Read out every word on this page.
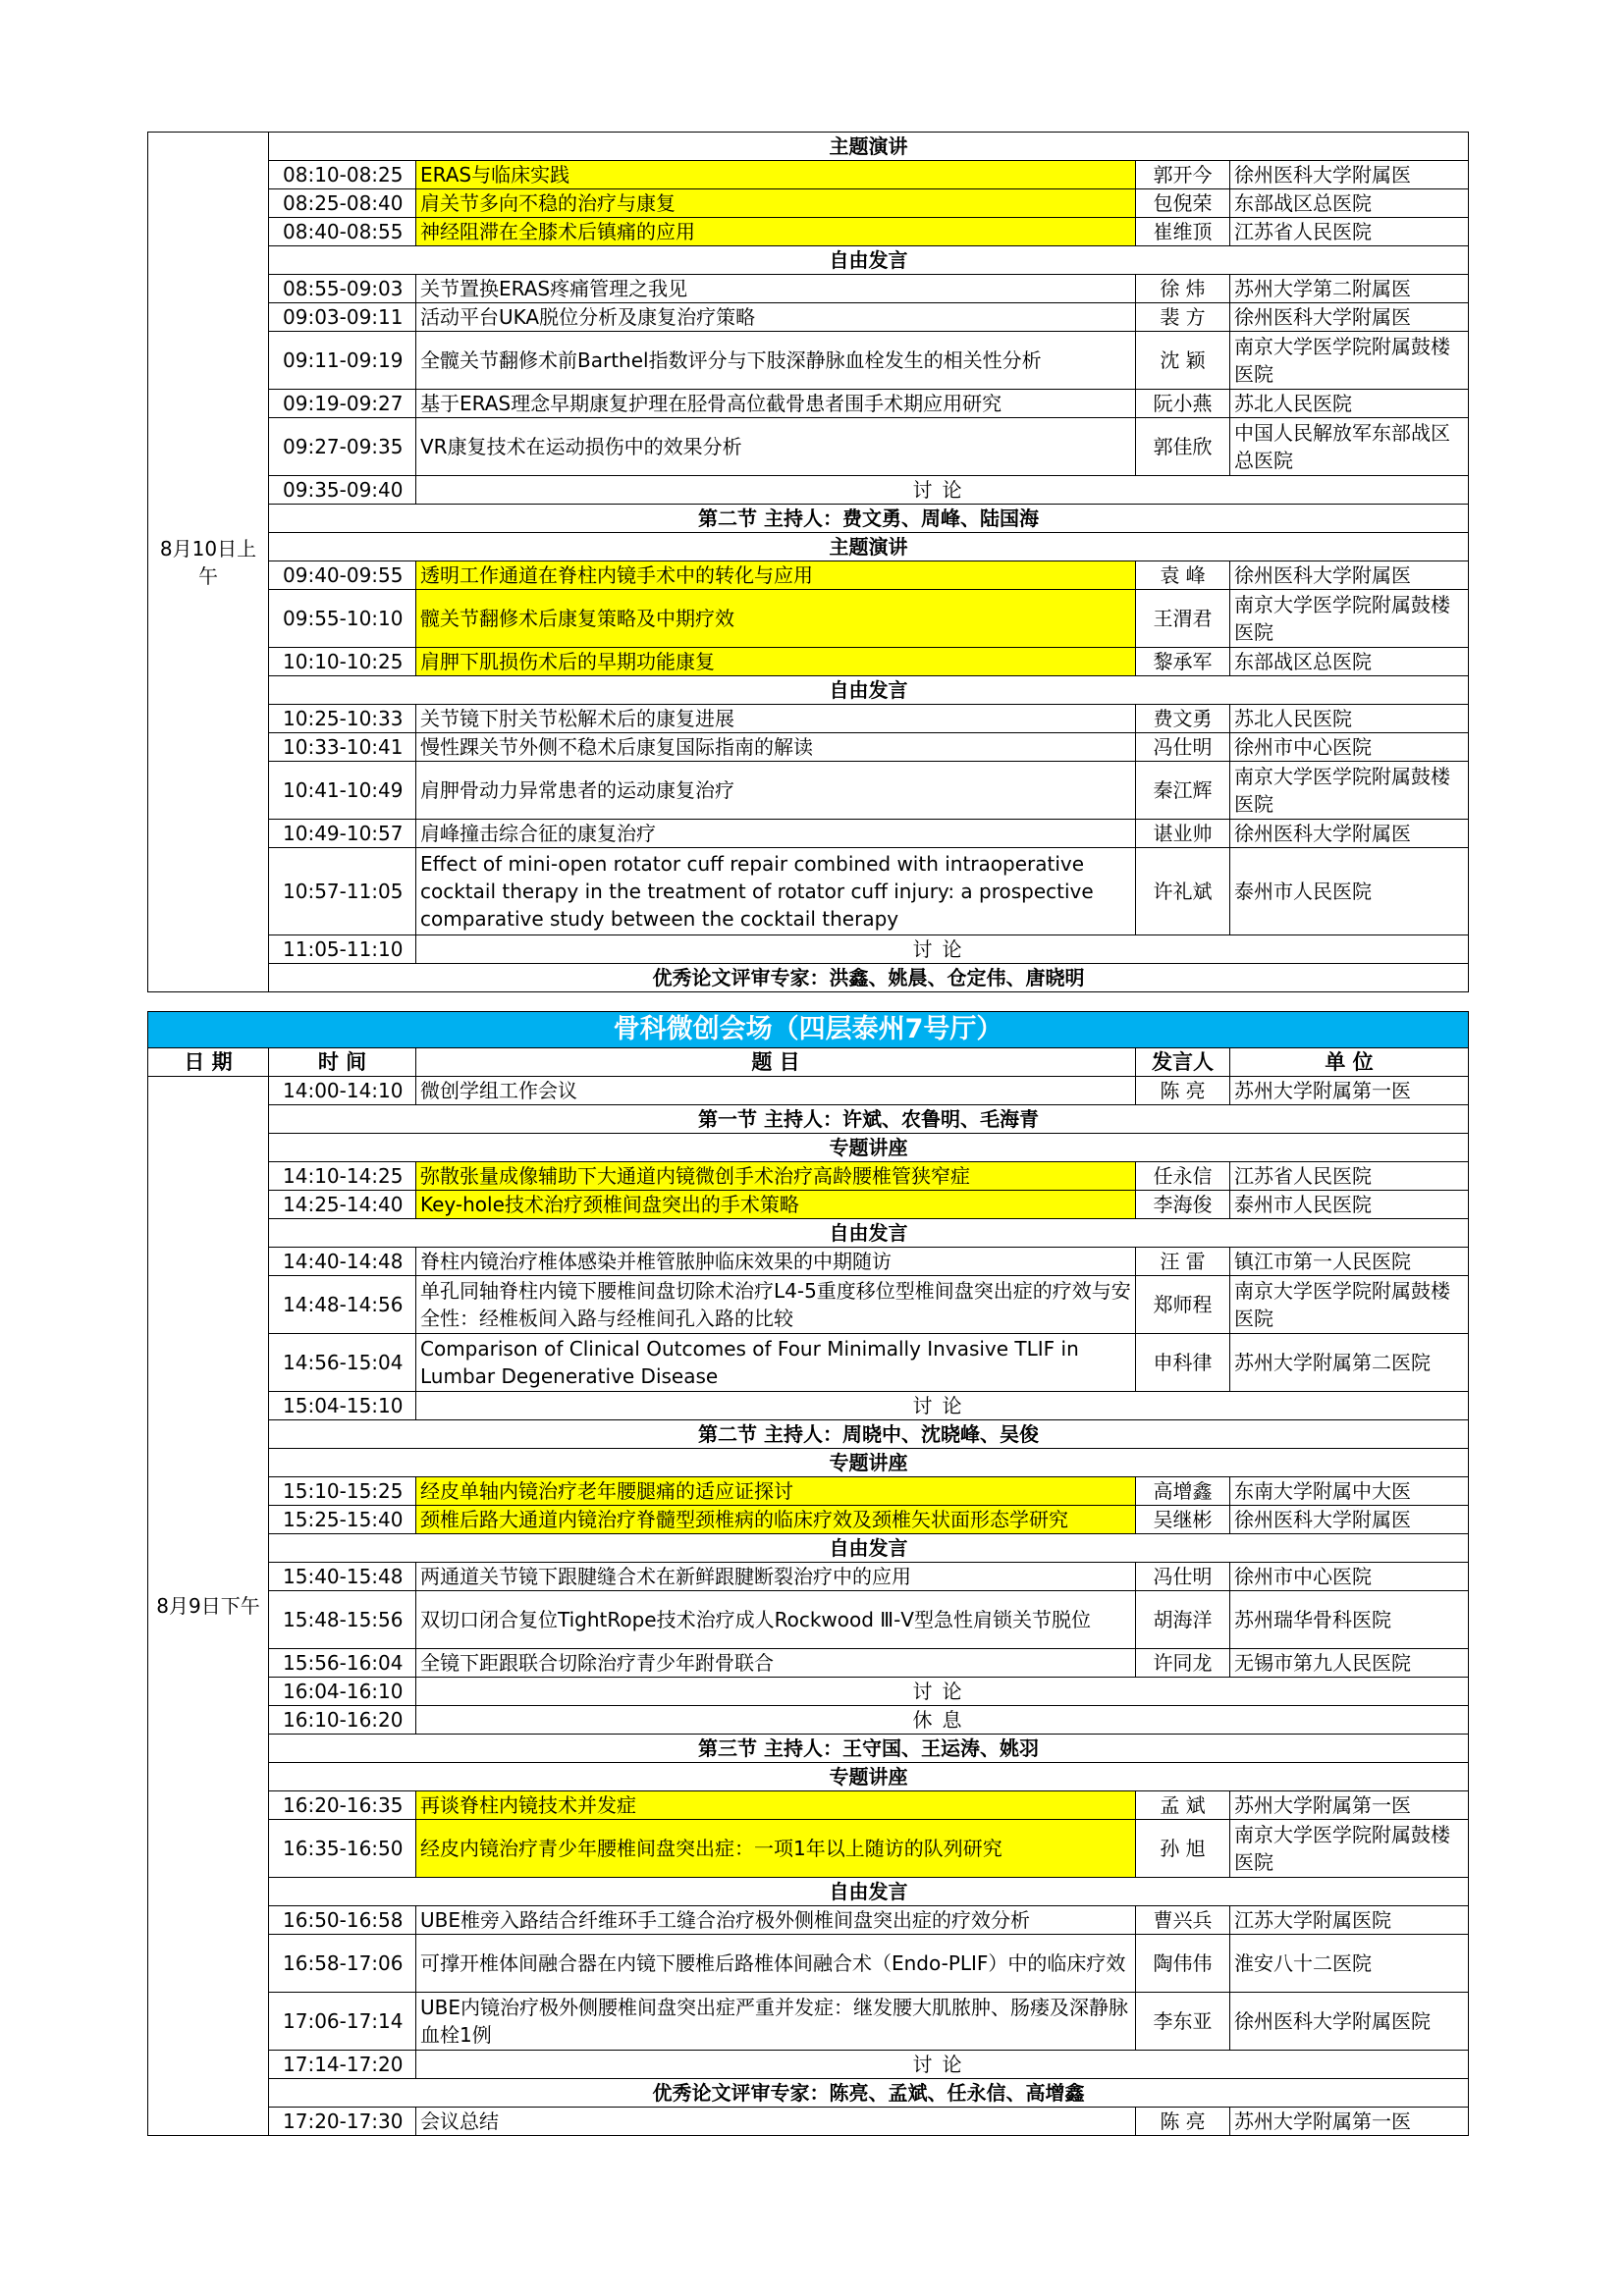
8月10日上午	主题演讲			
	08:10-08:25	ERAS与临床实践	郭开今	徐州医科大学附属医
	08:25-08:40	肩关节多向不稳的治疗与康复	包倪荣	东部战区总医院
	08:40-08:55	神经阻滞在全膝术后镇痛的应用	崔维顶	江苏省人民医院
	自由发言			
	08:55-09:03	关节置换ERAS疼痛管理之我见	徐 炜	苏州大学第二附属医
	09:03-09:11	活动平台UKA脱位分析及康复治疗策略	裴 方	徐州医科大学附属医
	09:11-09:19	全髋关节翻修术前Barthel指数评分与下肢深静脉血栓发生的相关性分析	沈 颖	南京大学医学院附属鼓楼医院
	09:19-09:27	基于ERAS理念早期康复护理在胫骨高位截骨患者围手术期应用研究	阮小燕	苏北人民医院
	09:27-09:35	VR康复技术在运动损伤中的效果分析	郭佳欣	中国人民解放军东部战区总医院
	09:35-09:40	讨论		
	第二节 主持人：费文勇、周峰、陆国海			
	主题演讲			
	09:40-09:55	透明工作通道在脊柱内镜手术中的转化与应用	袁 峰	徐州医科大学附属医
	09:55-10:10	髋关节翻修术后康复策略及中期疗效	王渭君	南京大学医学院附属鼓楼医院
	10:10-10:25	肩胛下肌损伤术后的早期功能康复	黎承军	东部战区总医院
	自由发言			
	10:25-10:33	关节镜下肘关节松解术后的康复进展	费文勇	苏北人民医院
	10:33-10:41	慢性踝关节外侧不稳术后康复国际指南的解读	冯仕明	徐州市中心医院
	10:41-10:49	肩胛骨动力异常患者的运动康复治疗	秦江辉	南京大学医学院附属鼓楼医院
	10:49-10:57	肩峰撞击综合征的康复治疗	谌业帅	徐州医科大学附属医
	10:57-11:05	Effect of mini-open rotator cuff repair combined with intraoperative cocktail therapy in the treatment of rotator cuff injury: a prospective comparative study between the cocktail therapy	许礼斌	泰州市人民医院
	11:05-11:10	讨论		
	优秀论文评审专家：洪鑫、姚晨、仓定伟、唐晓明			
骨科微创会场（四层泰州7号厅）				
日 期	时 间	题 目	发言人	单 位
8月9日下午	14:00-14:10	微创学组工作会议	陈 亮	苏州大学附属第一医
	第一节 主持人：许斌、农鲁明、毛海青			
	专题讲座			
	14:10-14:25	弥散张量成像辅助下大通道内镜微创手术治疗高龄腰椎管狭窄症	任永信	江苏省人民医院
	14:25-14:40	Key-hole技术治疗颈椎间盘突出的手术策略	李海俊	泰州市人民医院
	自由发言			
	14:40-14:48	脊柱内镜治疗椎体感染并椎管脓肿临床效果的中期随访	汪 雷	镇江市第一人民医院
	14:48-14:56	单孔同轴脊柱内镜下腰椎间盘切除术治疗L4-5重度移位型椎间盘突出症的疗效与安全性：经椎板间入路与经椎间孔入路的比较	郑师程	南京大学医学院附属鼓楼医院
	14:56-15:04	Comparison of Clinical Outcomes of Four Minimally Invasive TLIF in Lumbar Degenerative Disease	申科律	苏州大学附属第二医院
	15:04-15:10	讨论		
	第二节 主持人：周晓中、沈晓峰、吴俊			
	专题讲座			
	15:10-15:25	经皮单轴内镜治疗老年腰腿痛的适应证探讨	高增鑫	东南大学附属中大医
	15:25-15:40	颈椎后路大通道内镜治疗脊髓型颈椎病的临床疗效及颈椎矢状面形态学研究	吴继彬	徐州医科大学附属医
	自由发言			
	15:40-15:48	两通道关节镜下跟腱缝合术在新鲜跟腱断裂治疗中的应用	冯仕明	徐州市中心医院
	15:48-15:56	双切口闭合复位TightRope技术治疗成人Rockwood Ⅲ-Ⅴ型急性肩锁关节脱位	胡海洋	苏州瑞华骨科医院
	15:56-16:04	全镜下距跟联合切除治疗青少年跗骨联合	许同龙	无锡市第九人民医院
	16:04-16:10	讨论		
	16:10-16:20	休息		
	第三节 主持人：王守国、王运涛、姚羽			
	专题讲座			
	16:20-16:35	再谈脊柱内镜技术并发症	孟 斌	苏州大学附属第一医
	16:35-16:50	经皮内镜治疗青少年腰椎间盘突出症：一项1年以上随访的队列研究	孙 旭	南京大学医学院附属鼓楼医院
	自由发言			
	16:50-16:58	UBE椎旁入路结合纤维环手工缝合治疗极外侧椎间盘突出症的疗效分析	曹兴兵	江苏大学附属医院
	16:58-17:06	可撑开椎体间融合器在内镜下腰椎后路椎体间融合术（Endo-PLIF）中的临床疗效	陶伟伟	淮安八十二医院
	17:06-17:14	UBE内镜治疗极外侧腰椎间盘突出症严重并发症：继发腰大肌脓肿、肠瘘及深静脉血栓1例	李东亚	徐州医科大学附属医院
	17:14-17:20	讨论		
	优秀论文评审专家：陈亮、孟斌、任永信、高增鑫			
	17:20-17:30	会议总结	陈 亮	苏州大学附属第一医
